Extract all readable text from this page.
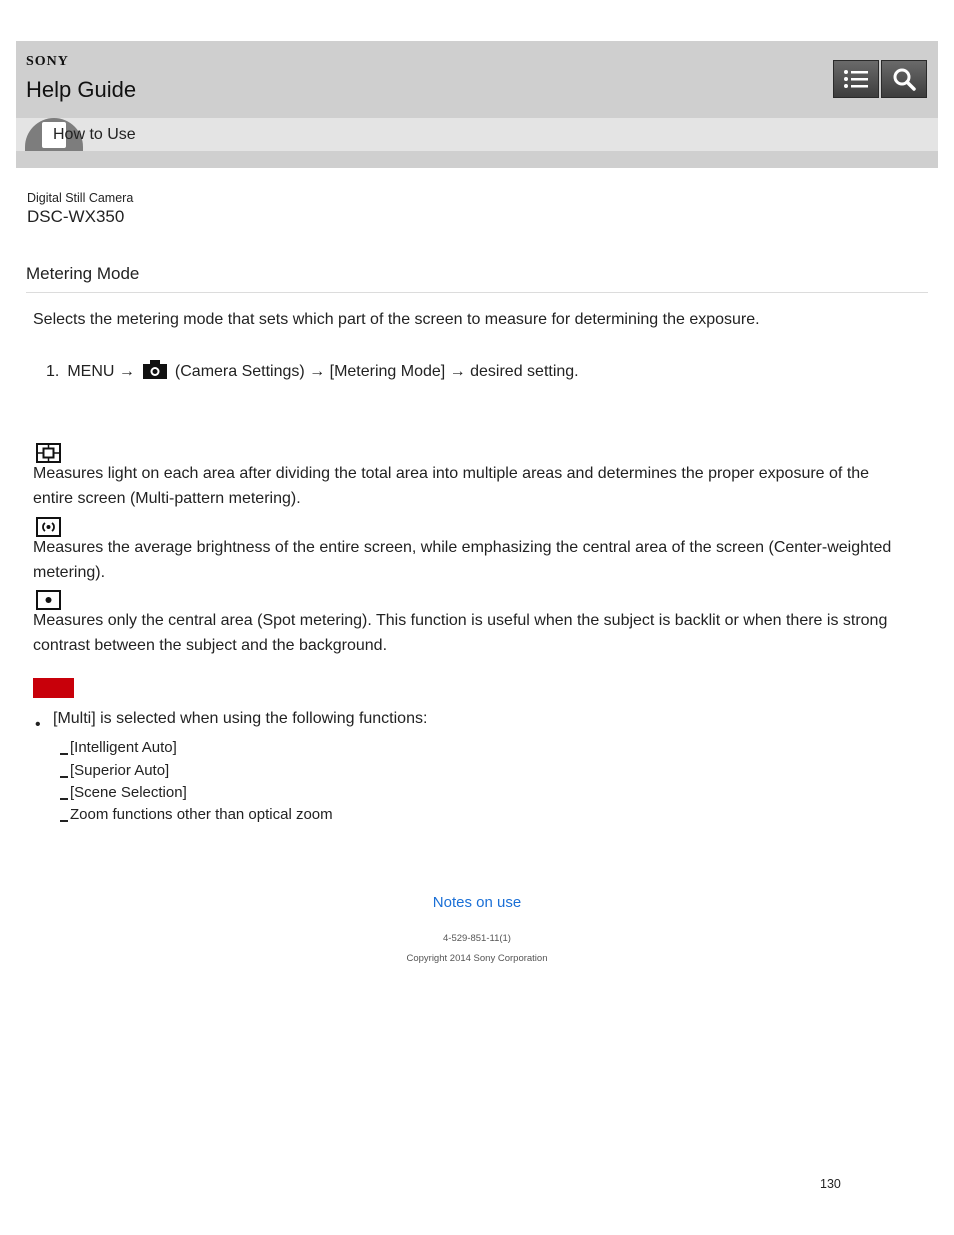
SONY
Help Guide
How to Use
Digital Still Camera
DSC-WX350
Metering Mode
Selects the metering mode that sets which part of the screen to measure for determining the exposure.
1. MENU →	(Camera Settings) → [Metering Mode] → desired setting.
Measures light on each area after dividing the total area into multiple areas and determines the proper exposure of the entire screen (Multi-pattern metering).
Measures the average brightness of the entire screen, while emphasizing the central area of the screen (Center-weighted metering).
Measures only the central area (Spot metering). This function is useful when the subject is backlit or when there is strong contrast between the subject and the background.
• [Multi] is selected when using the following functions:
[Intelligent Auto]
[Superior Auto]
[Scene Selection]
Zoom functions other than optical zoom
Notes on use
4-529-851-11(1)
Copyright 2014 Sony Corporation
130
